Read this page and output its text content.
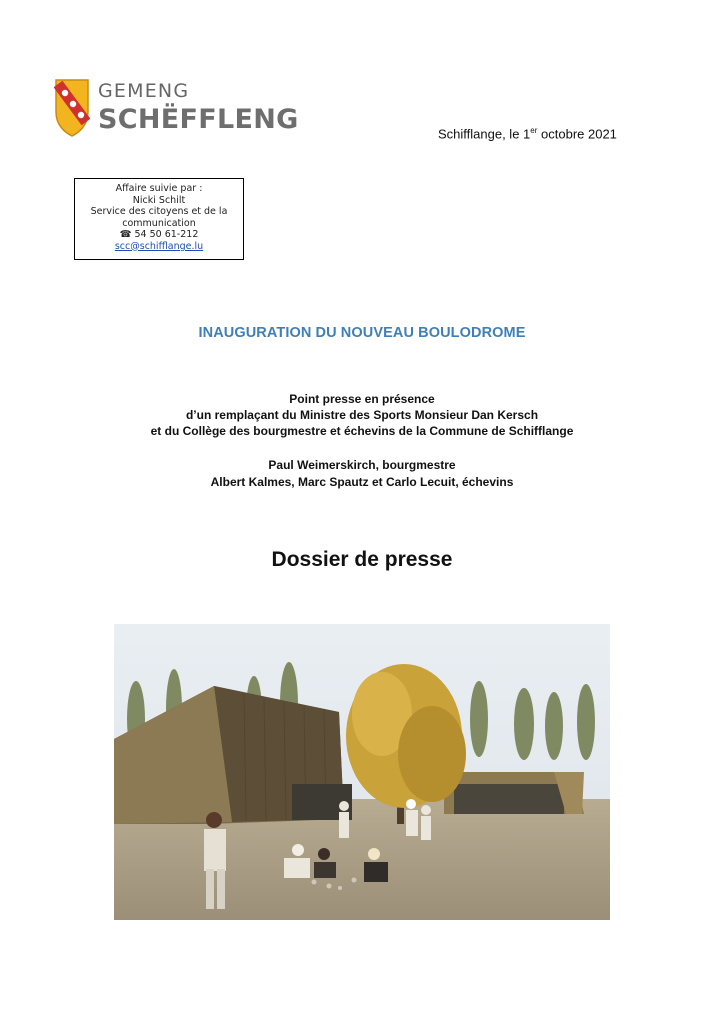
GEMENG
SCHËFFLENG	Schifflange, le 1er octobre 2021
Affaire suivie par :
Nicki Schilt
Service des citoyens et de la
communication
☎ 54 50 61-212
scc@schifflange.lu
INAUGURATION DU NOUVEAU BOULODROME
Point presse en présence
d’un remplaçant du Ministre des Sports Monsieur Dan Kersch
et du Collège des bourgmestre et échevins de la Commune de Schifflange
Paul Weimerskirch, bourgmestre
Albert Kalmes, Marc Spautz et Carlo Lecuit, échevins
Dossier de presse
